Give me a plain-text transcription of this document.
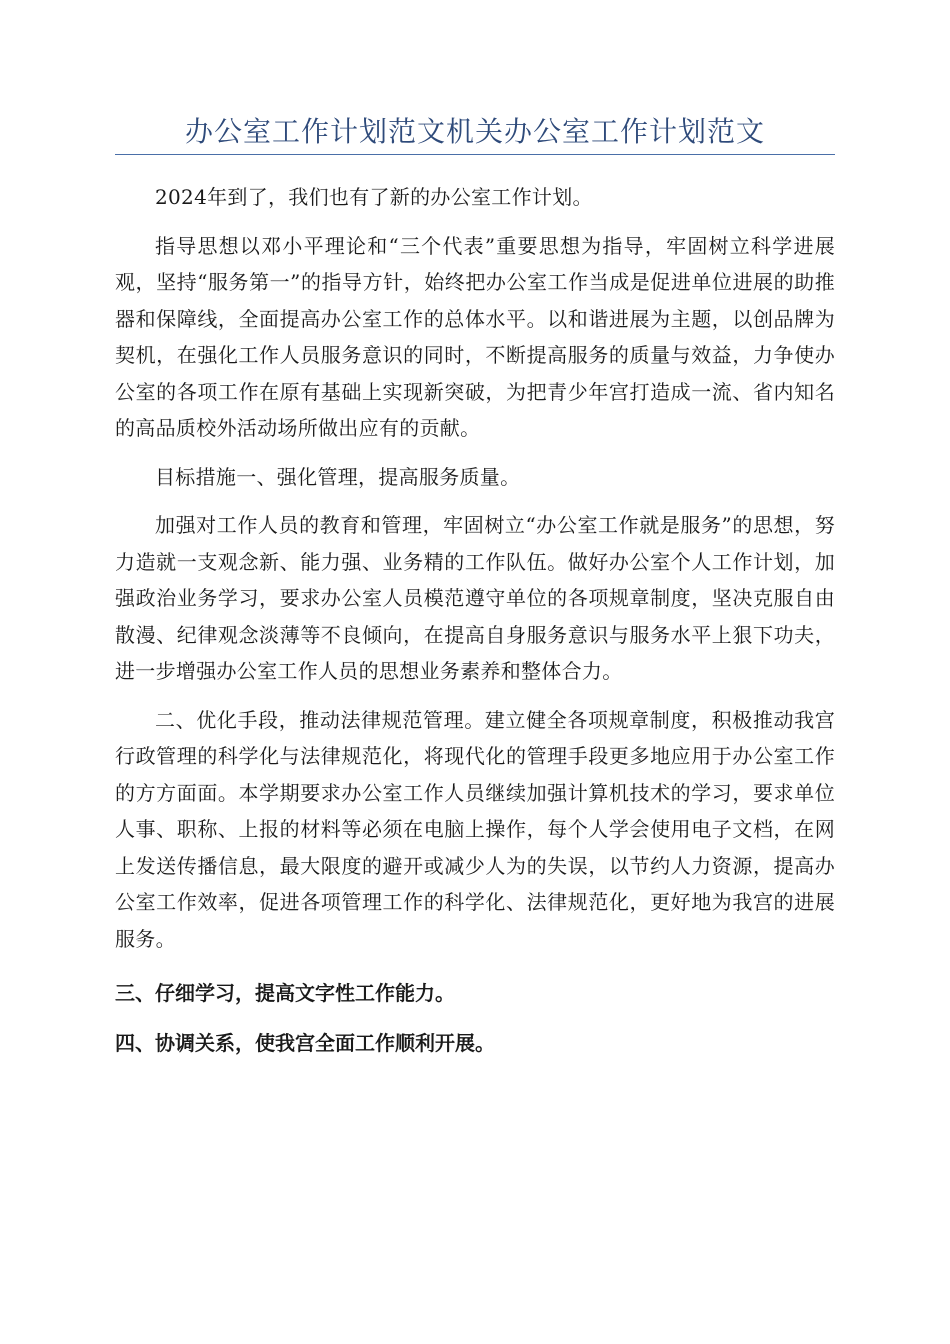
办公室工作计划范文机关办公室工作计划范文

2024年到了，我们也有了新的办公室工作计划。

指导思想以邓小平理论和“三个代表”重要思想为指导，牢固树立科学进展观，坚持“服务第一”的指导方针，始终把办公室工作当成是促进单位进展的助推器和保障线，全面提高办公室工作的总体水平。以和谐进展为主题，以创品牌为契机，在强化工作人员服务意识的同时，不断提高服务的质量与效益，力争使办公室的各项工作在原有基础上实现新突破，为把青少年宫打造成一流、省内知名的高品质校外活动场所做出应有的贡献。

目标措施一、强化管理，提高服务质量。

加强对工作人员的教育和管理，牢固树立“办公室工作就是服务”的思想，努力造就一支观念新、能力强、业务精的工作队伍。做好办公室个人工作计划，加强政治业务学习，要求办公室人员模范遵守单位的各项规章制度，坚决克服自由散漫、纪律观念淡薄等不良倾向，在提高自身服务意识与服务水平上狠下功夫，进一步增强办公室工作人员的思想业务素养和整体合力。

二、优化手段，推动法律规范管理。建立健全各项规章制度，积极推动我宫行政管理的科学化与法律规范化，将现代化的管理手段更多地应用于办公室工作的方方面面。本学期要求办公室工作人员继续加强计算机技术的学习，要求单位人事、职称、上报的材料等必须在电脑上操作，每个人学会使用电子文档，在网上发送传播信息，最大限度的避开或减少人为的失误，以节约人力资源，提高办公室工作效率，促进各项管理工作的科学化、法律规范化，更好地为我宫的进展服务。

三、仔细学习，提高文字性工作能力。

四、协调关系，使我宫全面工作顺利开展。
